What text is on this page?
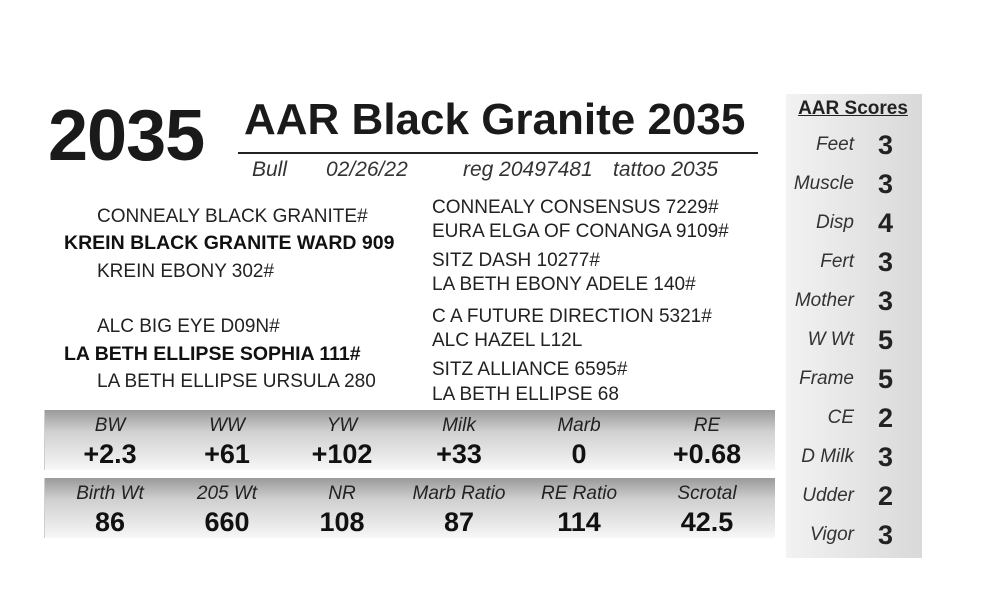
2035 AAR Black Granite 2035
Bull 02/26/22	reg 20497481 tattoo 2035
CONNEALY BLACK GRANITE#
KREIN BLACK GRANITE WARD 909
KREIN EBONY 302#
ALC BIG EYE D09N#
LA BETH ELLIPSE SOPHIA 111#
LA BETH ELLIPSE URSULA 280
CONNEALY CONSENSUS 7229#
EURA ELGA OF CONANGA 9109#
SITZ DASH 10277#
LA BETH EBONY ADELE 140#
C A FUTURE DIRECTION 5321#
ALC HAZEL L12L
SITZ ALLIANCE 6595#
LA BETH ELLIPSE 68
BW
+2.3
WW
+61
YW
+102
Milk
+33
Marb
0
RE
+0.68
Birth Wt
86
205 Wt
660
NR
108
Marb Ratio
87
RE Ratio
114
Scrotal
42.5
AAR Scores
Feet 3
Muscle 3
Disp 4
Fert 3
Mother 3
W Wt 5
Frame 5
CE 2
D Milk 3
Udder 2
Vigor 3
